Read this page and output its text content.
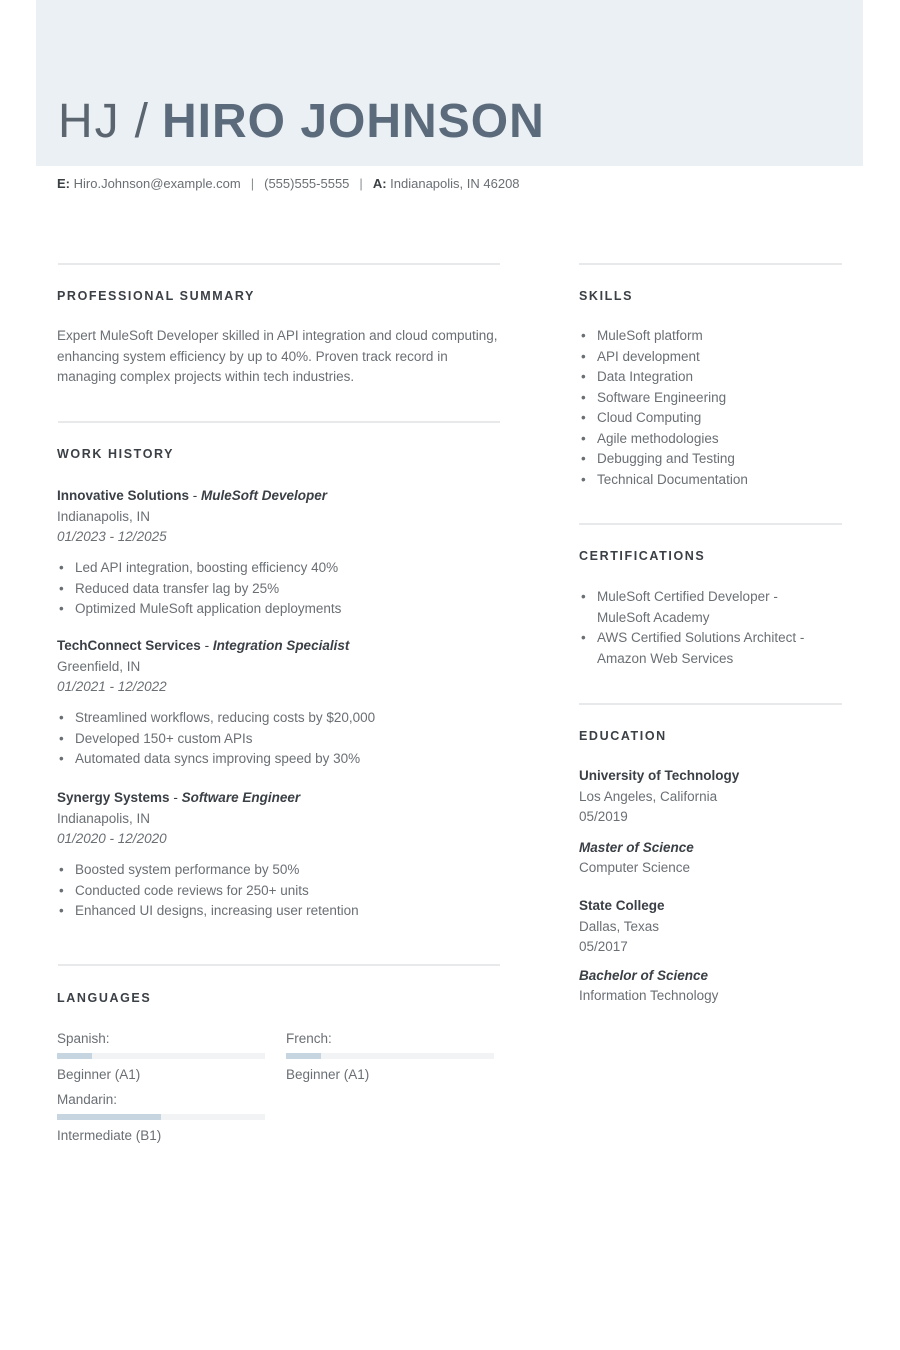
HJ / HIRO JOHNSON
E: Hiro.Johnson@example.com | (555)555-5555 | A: Indianapolis, IN 46208
PROFESSIONAL SUMMARY
Expert MuleSoft Developer skilled in API integration and cloud computing, enhancing system efficiency by up to 40%. Proven track record in managing complex projects within tech industries.
WORK HISTORY
Innovative Solutions - MuleSoft Developer
Indianapolis, IN
01/2023 - 12/2025
• Led API integration, boosting efficiency 40%
• Reduced data transfer lag by 25%
• Optimized MuleSoft application deployments
TechConnect Services - Integration Specialist
Greenfield, IN
01/2021 - 12/2022
• Streamlined workflows, reducing costs by $20,000
• Developed 150+ custom APIs
• Automated data syncs improving speed by 30%
Synergy Systems - Software Engineer
Indianapolis, IN
01/2020 - 12/2020
• Boosted system performance by 50%
• Conducted code reviews for 250+ units
• Enhanced UI designs, increasing user retention
LANGUAGES
Spanish:
Beginner (A1)
French:
Beginner (A1)
Mandarin:
Intermediate (B1)
SKILLS
• MuleSoft platform
• API development
• Data Integration
• Software Engineering
• Cloud Computing
• Agile methodologies
• Debugging and Testing
• Technical Documentation
CERTIFICATIONS
• MuleSoft Certified Developer -
MuleSoft Academy
• AWS Certified Solutions Architect -
Amazon Web Services
EDUCATION
University of Technology
Los Angeles, California
05/2019
Master of Science
Computer Science
State College
Dallas, Texas
05/2017
Bachelor of Science
Information Technology
